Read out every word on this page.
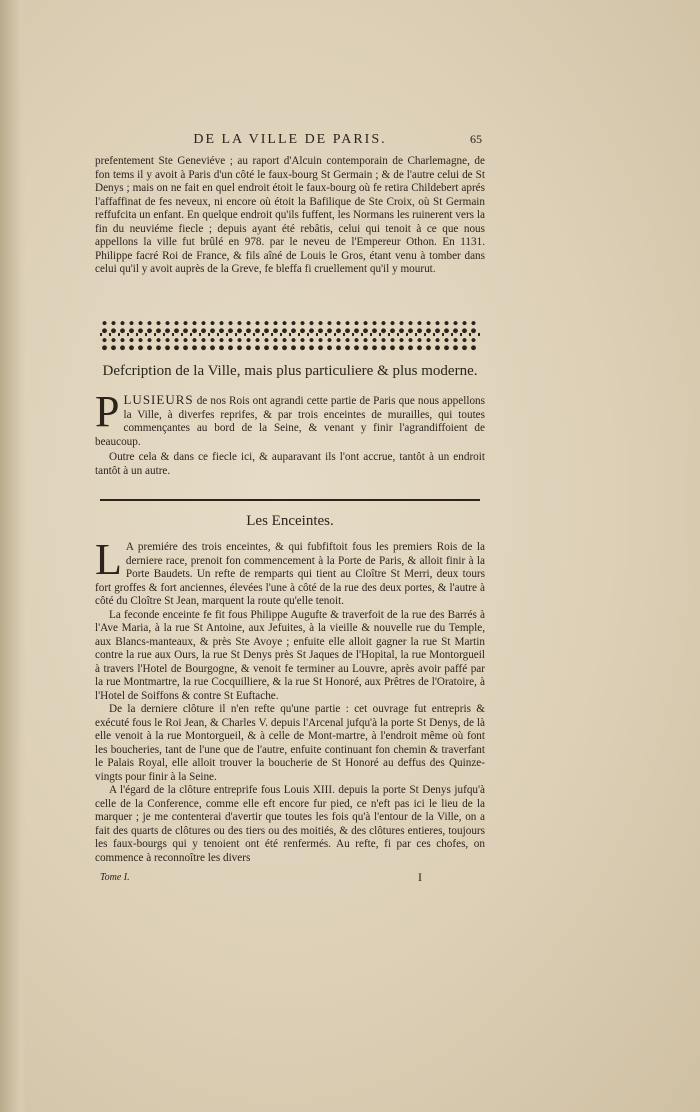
DE LA VILLE DE PARIS.	65

prefentement Ste Geneviéve ; au raport d'Alcuin contemporain de Charlemagne, de fon tems il y avoit à Paris d'un côté le faux-bourg St Germain ; & de l'autre celui de St Denys ; mais on ne fait en quel endroit étoit le faux-bourg où fe retira Childebert aprés l'affaffinat de fes neveux, ni encore où étoit la Bafilique de Ste Croix, où St Germain reffufcita un enfant. En quelque endroit qu'ils fuffent, les Normans les ruinerent vers la fin du neuviéme fiecle ; depuis ayant été rebâtis, celui qui tenoit à ce que nous appellons la ville fut brûlé en 978. par le neveu de l'Empereur Othon. En 1131. Philippe facré Roi de France, & fils aîné de Louis le Gros, étant venu à tomber dans celui qu'il y avoit auprès de la Greve, fe bleffa fi cruellement qu'il y mourut.

Defcription de la Ville, mais plus particuliere & plus moderne.
P LUSIEURS de nos Rois ont agrandi cette partie de Paris que nous appellons la Ville, à diverfes reprifes, & par trois enceintes de murailles, qui toutes commençantes au bord de la Seine, & venant y finir l'agrandiffoient de beaucoup.

Outre cela & dans ce fiecle ici, & auparavant ils l'ont accrue, tantôt à un endroit tantôt à un autre.

Les Enceintes.
L A premiére des trois enceintes, & qui fubfiftoit fous les premiers Rois de la derniere race, prenoit fon commencement à la Porte de Paris, & alloit finir à la Porte Baudets. Un refte de remparts qui tient au Cloître St Merri, deux tours fort groffes & fort anciennes, élevées l'une à côté de la rue des deux portes, & l'autre à côté du Cloître St Jean, marquent la route qu'elle tenoit.

La feconde enceinte fe fit fous Philippe Augufte & traverfoit de la rue des Barrés à l'Ave Maria, à la rue St Antoine, aux Jefuites, à la vieille & nouvelle rue du Temple, aux Blancs-manteaux, & près Ste Avoye ; enfuite elle alloit gagner la rue St Martin contre la rue aux Ours, la rue St Denys près St Jaques de l'Hopital, la rue Montorgueil à travers l'Hotel de Bourgogne, & venoit fe terminer au Louvre, après avoir paffé par la rue Montmartre, la rue Cocquilliere, & la rue St Honoré, aux Prêtres de l'Oratoire, à l'Hotel de Soiffons & contre St Euftache.

De la derniere clôture il n'en refte qu'une partie : cet ouvrage fut entrepris & exécuté fous le Roi Jean, & Charles V. depuis l'Arcenal jufqu'à la porte St Denys, de là elle venoit à la rue Montorgueil, & à celle de Mont-martre, à l'endroit même où font les boucheries, tant de l'une que de l'autre, enfuite continuant fon chemin & traverfant le Palais Royal, elle alloit trouver la boucherie de St Honoré au deffus des Quinze-vingts pour finir à la Seine.

A l'égard de la clôture entreprife fous Louis XIII. depuis la porte St Denys jufqu'à celle de la Conference, comme elle eft encore fur pied, ce n'eft pas ici le lieu de la marquer ; je me contenterai d'avertir que toutes les fois qu'à l'entour de la Ville, on a fait des quarts de clôtures ou des tiers ou des moitiés, & des clôtures entieres, toujours les faux-bourgs qui y tenoient ont été renfermés. Au refte, fi par ces chofes, on commence à reconnoître les divers

Tome I.	I
